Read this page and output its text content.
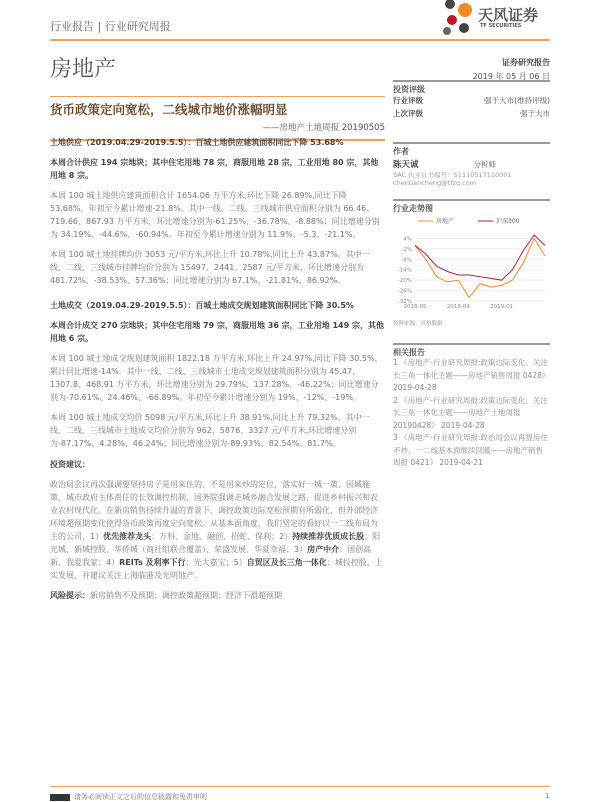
行业报告 | 行业研究周报
天风证券
TF SECURITIES
房地产	证券研究报告
2019 年 05 月 06 日
货币政策定向宽松，二线城市地价涨幅明显
——房地产土地周报 20190505

土地供应（2019.04.29-2019.5.5）：百城土地供应建筑面积同比下降 53.68%

本周合计供应 194 宗地块；其中住宅用地 78 宗，商服用地 28 宗，工业用地 80 宗，其他用地 8 宗。

本周 100 城土地供应建筑面积合计 1654.06 万平方米,环比下降 26.89%,同比下降 53.68%，年初至今累计增速-21.8%。其中一线、二线、三线城市供应面积分别为 66.46、719.66、867.93 万平方米，环比增速分别为-61.25%、-36.78%、-8.88%；同比增速分别为 34.19%、-44.6%、-60.94%。年初至今累计增速分别为 11.9%、-5.3、-21.1%。

本周 100 城土地挂牌均价 3053 元/平方米,环比上升 10.78%,同比上升 43.87%。其中一线、二线、三线城市挂牌均价分别为 15497、2441、2587 元/平方米，环比增速分别为 481.72%、-38.53%、57.36%；同比增速分别为 67.1%、-21.81%、86.92%。

土地成交（2019.04.29-2019.5.5）：百城土地成交规划建筑面积同比下降 30.5%

本周合计成交 270 宗地块；其中住宅用地 79 宗，商服用地 36 宗，工业用地 149 宗，其他用地 6 宗。

本周 100 城土地成交规划建筑面积 1822.18 万平方米,环比上升 24.97%,同比下降 30.5%，累计同比增速-14%。其中一线、二线、三线城市土地成交规划建筑面积分别为 45.47、1307.8、468.91 万平方米，环比增速分别为 29.79%、137.28%、-46.22%；同比增速分别为-70.61%、24.46%、-66.89%。年初至今累计增速分别为 19%、-12%、-19%。

本周 100 城土地成交均价 5098 元/平方米,环比上升 38.91%,同比上升 79.32%。其中一线、二线、三线城市土地成交均价分别为 962、5876、3327 元/平方米,环比增速分别为-87.17%、4.28%、46.24%；同比增速分别为-89.93%、82.54%、81.7%。

投资建议：

政治局会议再次强调要坚持房子是用来住的、不是用来炒的定位，落实好一城一策、因城施策、城市政府主体责任的长效调控机制，国务院强调走城乡融合发展之路，促进乡村振兴和农业农村现代化。在新房销售持续升温的背景下，调控政策边际宽松预期有所弱化，但外部经济环境超预期变化使得货币政策再度定向宽松。从基本面角度，我们坚定的看好以一二线布局为主的公司，1）优先推荐龙头：万科、金地、融创、招蛇、保利；2）持续推荐优质成长股：阳光城、新城控股、华侨城（商社组联合覆盖）、荣盛发展、华夏幸福；3）房产中介：国创高新、我爱我家；4）REITs 及利率下行：光大嘉宝；5）自贸区及长三角一体化：城投控股、上实发展，并建议关注上海临港及光明地产。

风险提示：新房销售不及预期；调控政策超预期；经济下滑超预期

投资评级
行业评级	强于大市(维持评级)
上次评级	强于大市
作者
陈天诚	分析师
SAC 执业证书编号：S1110517110001
chentiancheng@tfzq.com
行业走势图
4%
-2%
-8%
-14%
-20%
-26%
-32%
2018-05	2018-09	2019-01
房地产	沪深300
资料来源：贝格数据
相关报告
1 《房地产-行业研究周报:政策边际变化、关注长三角一体化主题——房地产销售周报 0428》 2019-04-28
2 《房地产-行业研究周报:政策边际变化、关注长三角一体化主题——房地产土地周报 20190428》 2019-04-28
3 《房地产-行业研究周报:政治局会议再提房住不炒、一二线基本面继续回暖——房地产销售周报 0421》 2019-04-21
请务必阅读正文之后的信息披露和免责申明	1
